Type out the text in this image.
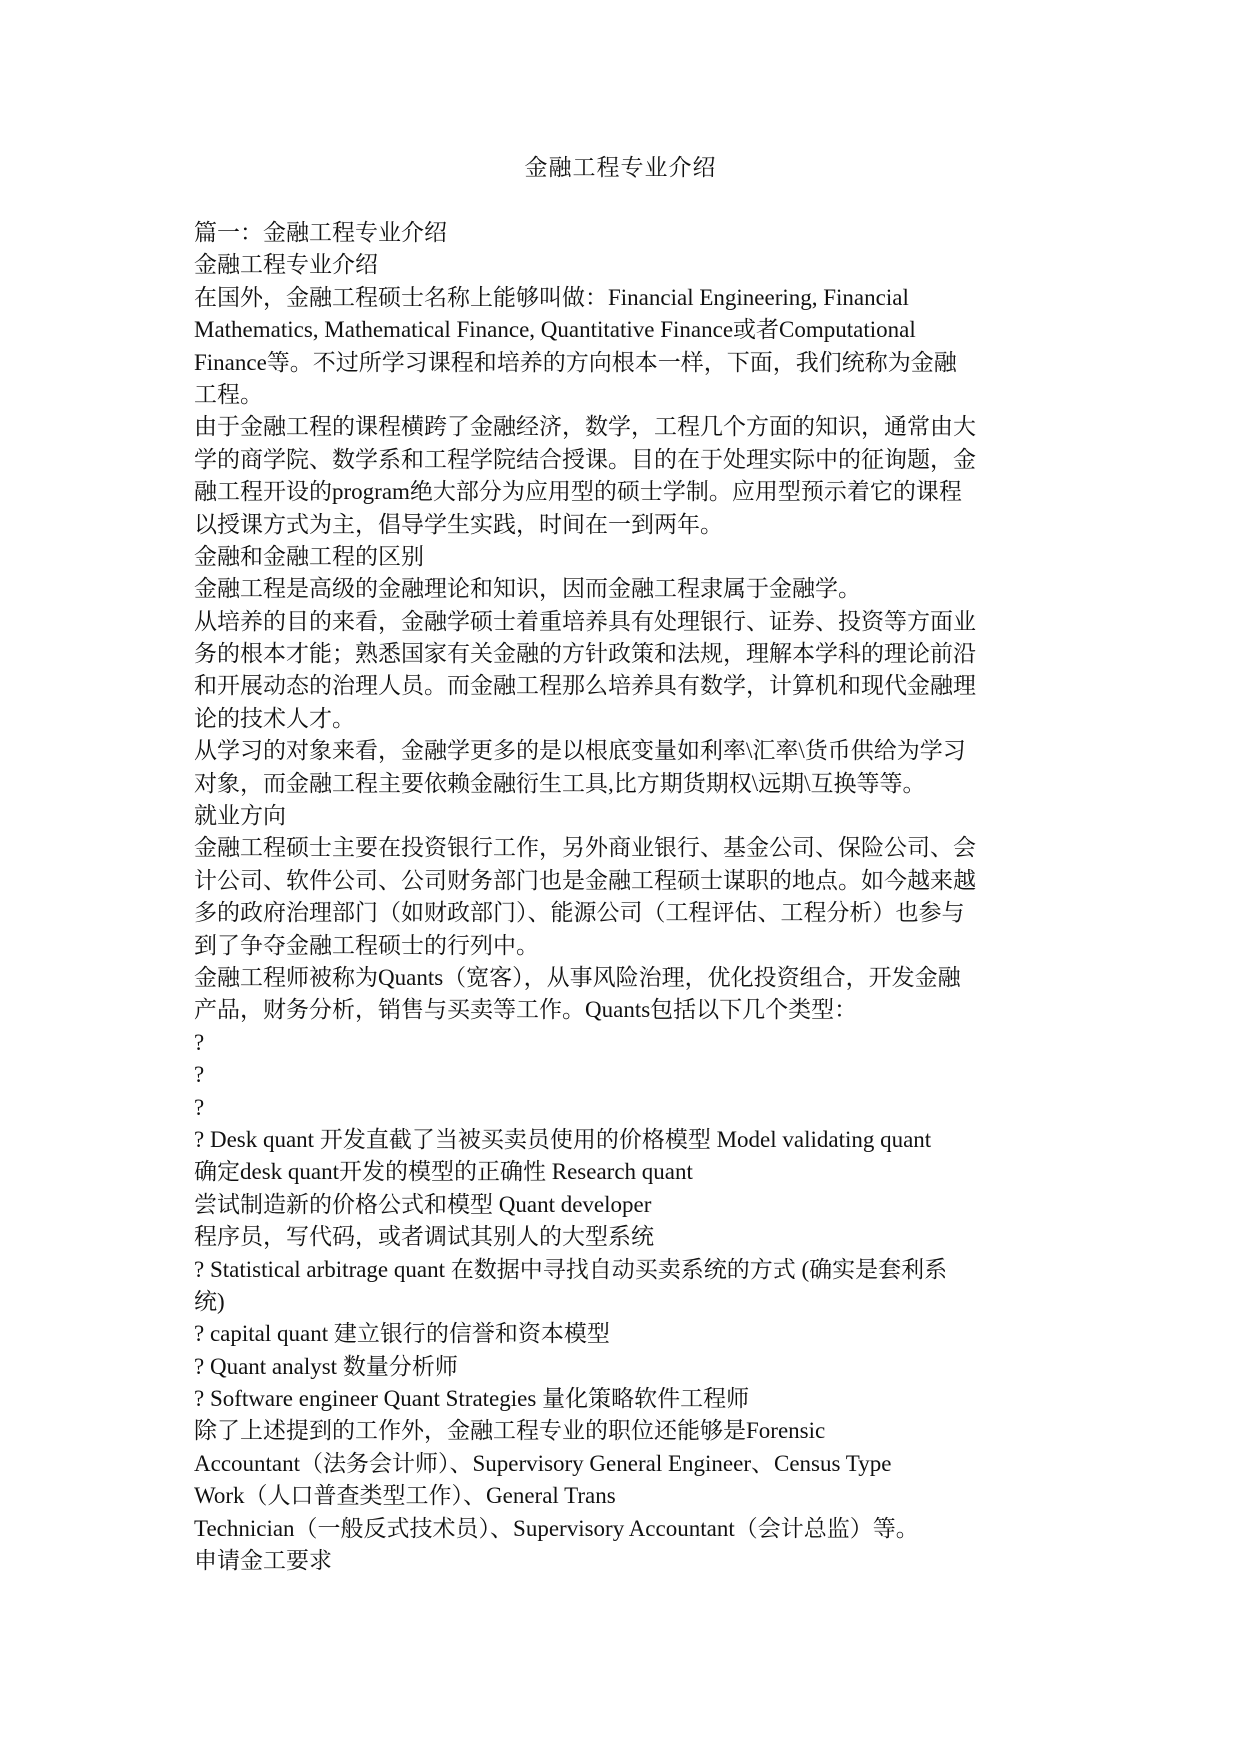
金融工程专业介绍
篇一：金融工程专业介绍
金融工程专业介绍
在国外，金融工程硕士名称上能够叫做：Financial Engineering, Financial
Mathematics, Mathematical Finance, Quantitative Finance或者Computational
Finance等。不过所学习课程和培养的方向根本一样，下面，我们统称为金融
工程。
由于金融工程的课程横跨了金融经济，数学，工程几个方面的知识，通常由大
学的商学院、数学系和工程学院结合授课。目的在于处理实际中的征询题，金
融工程开设的program绝大部分为应用型的硕士学制。应用型预示着它的课程
以授课方式为主，倡导学生实践，时间在一到两年。
金融和金融工程的区别
金融工程是高级的金融理论和知识，因而金融工程隶属于金融学。
从培养的目的来看，金融学硕士着重培养具有处理银行、证券、投资等方面业
务的根本才能；熟悉国家有关金融的方针政策和法规，理解本学科的理论前沿
和开展动态的治理人员。而金融工程那么培养具有数学，计算机和现代金融理
论的技术人才。
从学习的对象来看，金融学更多的是以根底变量如利率\汇率\货币供给为学习
对象，而金融工程主要依赖金融衍生工具,比方期货期权\远期\互换等等。
就业方向
金融工程硕士主要在投资银行工作，另外商业银行、基金公司、保险公司、会
计公司、软件公司、公司财务部门也是金融工程硕士谋职的地点。如今越来越
多的政府治理部门（如财政部门）、能源公司（工程评估、工程分析）也参与
到了争夺金融工程硕士的行列中。
金融工程师被称为Quants（宽客），从事风险治理，优化投资组合，开发金融
产品，财务分析，销售与买卖等工作。Quants包括以下几个类型：
?
?
?
? Desk quant 开发直截了当被买卖员使用的价格模型 Model validating quant
确定desk quant开发的模型的正确性 Research quant
尝试制造新的价格公式和模型 Quant developer
程序员，写代码，或者调试其别人的大型系统
? Statistical arbitrage quant 在数据中寻找自动买卖系统的方式 (确实是套利系
统)
? capital quant 建立银行的信誉和资本模型
? Quant analyst 数量分析师
? Software engineer Quant Strategies 量化策略软件工程师
除了上述提到的工作外，金融工程专业的职位还能够是Forensic
Accountant（法务会计师）、Supervisory General Engineer、Census Type
Work（人口普查类型工作）、General Trans
Technician（一般反式技术员）、Supervisory Accountant（会计总监）等。
申请金工要求
